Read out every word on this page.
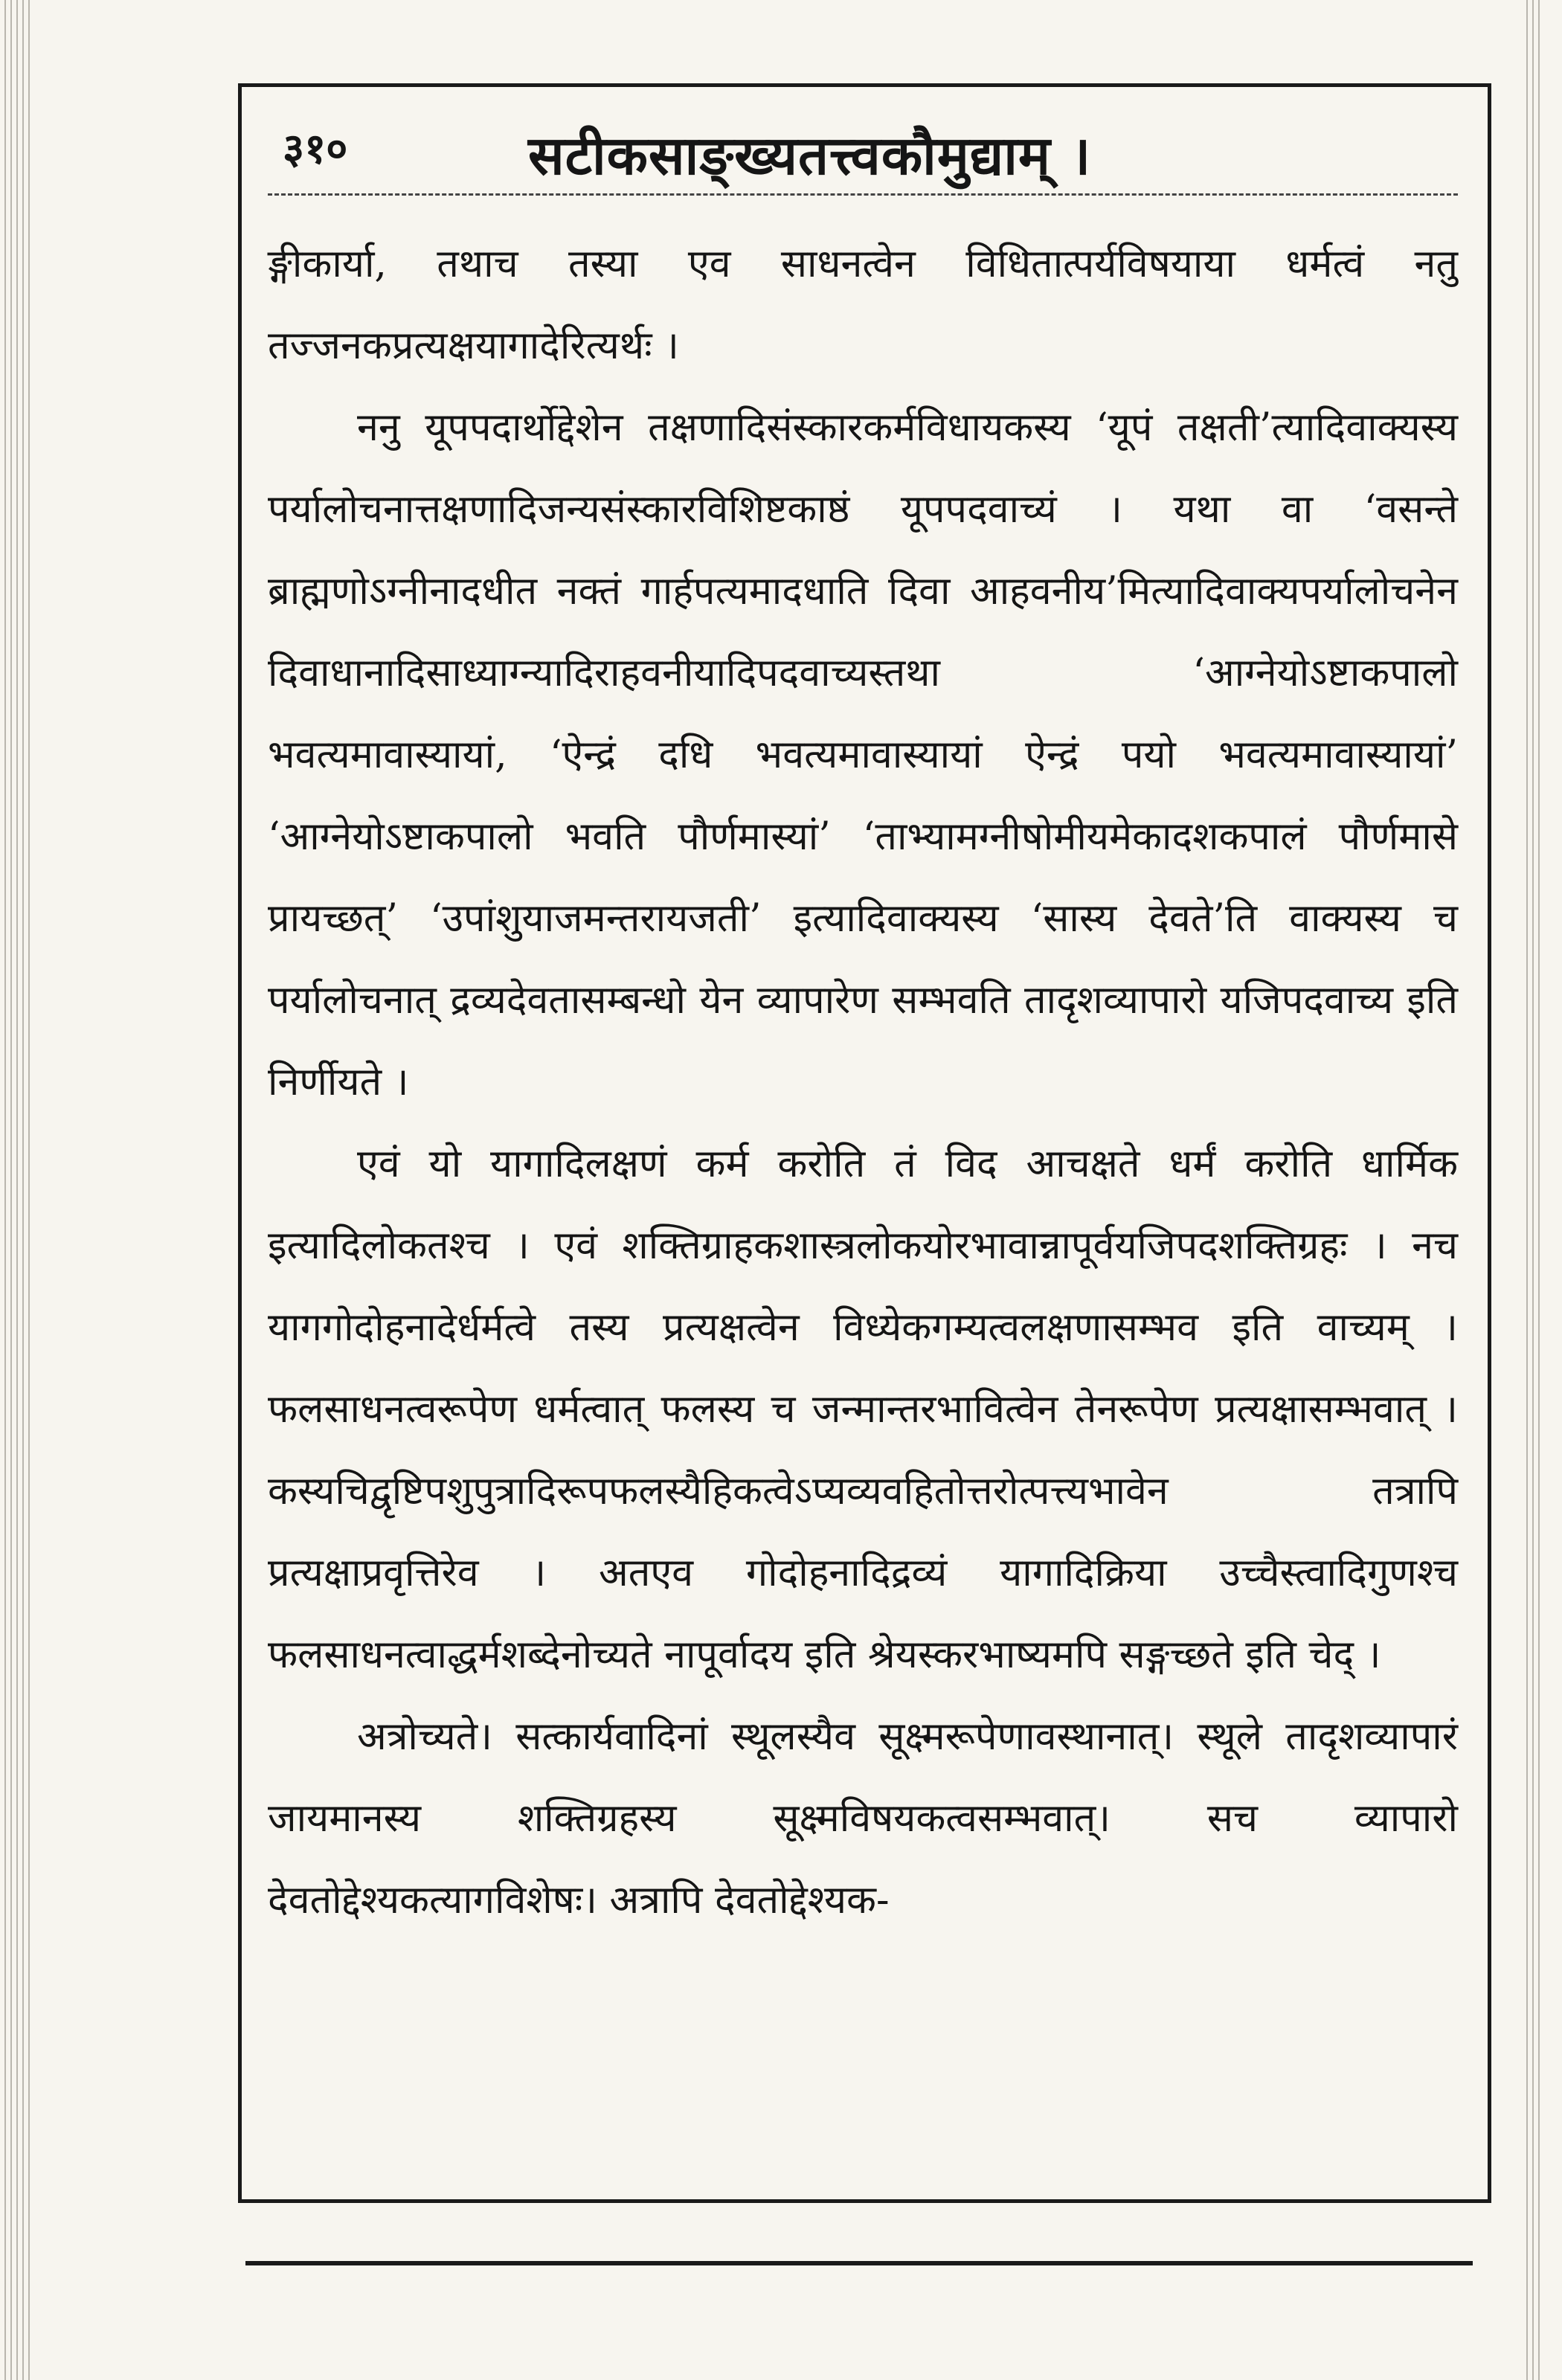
३१०	सटीकसाङ्ख्यतत्त्वकौमुद्याम् ।

ङ्गीकार्या, तथाच तस्या एव साधनत्वेन विधितात्पर्यविषयाया धर्मत्वं नतु तज्जनकप्रत्यक्षयागादेरित्यर्थः ।

ननु यूपपदार्थोद्देशेन तक्षणादिसंस्कारकर्मविधायकस्य ‘यूपं तक्षती’त्यादिवाक्यस्य पर्यालोचनात्तक्षणादिजन्यसंस्कारविशिष्टकाष्ठं यूपपदवाच्यं । यथा वा ‘वसन्ते ब्राह्मणोऽग्नीनादधीत नक्तं गार्हपत्यमादधाति दिवा आहवनीय’मित्यादिवाक्यपर्यालोचनेन दिवाधानादिसाध्याग्न्यादिराहवनीयादिपदवाच्यस्तथा ‘आग्नेयोऽष्टाकपालो भवत्यमावास्यायां, ‘ऐन्द्रं दधि भवत्यमावास्यायां ऐन्द्रं पयो भवत्यमावास्यायां’ ‘आग्नेयोऽष्टाकपालो भवति पौर्णमास्यां’ ‘ताभ्यामग्नीषोमीयमेकादशकपालं पौर्णमासे प्रायच्छत्’ ‘उपांशुयाजमन्तरायजती’ इत्यादिवाक्यस्य ‘सास्य देवते’ति वाक्यस्य च पर्यालोचनात् द्रव्यदेवतासम्बन्धो येन व्यापारेण सम्भवति तादृशव्यापारो यजिपदवाच्य इति निर्णीयते ।

एवं यो यागादिलक्षणं कर्म करोति तं विद आचक्षते धर्मं करोति धार्मिक इत्यादिलोकतश्च । एवं शक्तिग्राहकशास्त्रलोकयोरभावान्नापूर्वयजिपदशक्तिग्रहः । नच यागगोदोहनादेर्धर्मत्वे तस्य प्रत्यक्षत्वेन विध्येकगम्यत्वलक्षणासम्भव इति वाच्यम् । फलसाधनत्वरूपेण धर्मत्वात् फलस्य च जन्मान्तरभावित्वेन तेनरूपेण प्रत्यक्षासम्भवात् । कस्यचिद्वृष्टिपशुपुत्रादिरूपफलस्यैहिकत्वेऽप्यव्यवहितोत्तरोत्पत्त्यभावेन तत्रापि प्रत्यक्षाप्रवृत्तिरेव । अतएव गोदोहनादिद्रव्यं यागादिक्रिया उच्चैस्त्वादिगुणश्च फलसाधनत्वाद्धर्मशब्देनोच्यते नापूर्वादय इति श्रेयस्करभाष्यमपि सङ्गच्छते इति चेद् ।

अत्रोच्यते। सत्कार्यवादिनां स्थूलस्यैव सूक्ष्मरूपेणावस्थानात्। स्थूले तादृशव्यापारं जायमानस्य शक्तिग्रहस्य सूक्ष्मविषयकत्वसम्भवात्। सच व्यापारो देवतोद्देश्यकत्यागविशेषः। अत्रापि देवतोद्देश्यक-
